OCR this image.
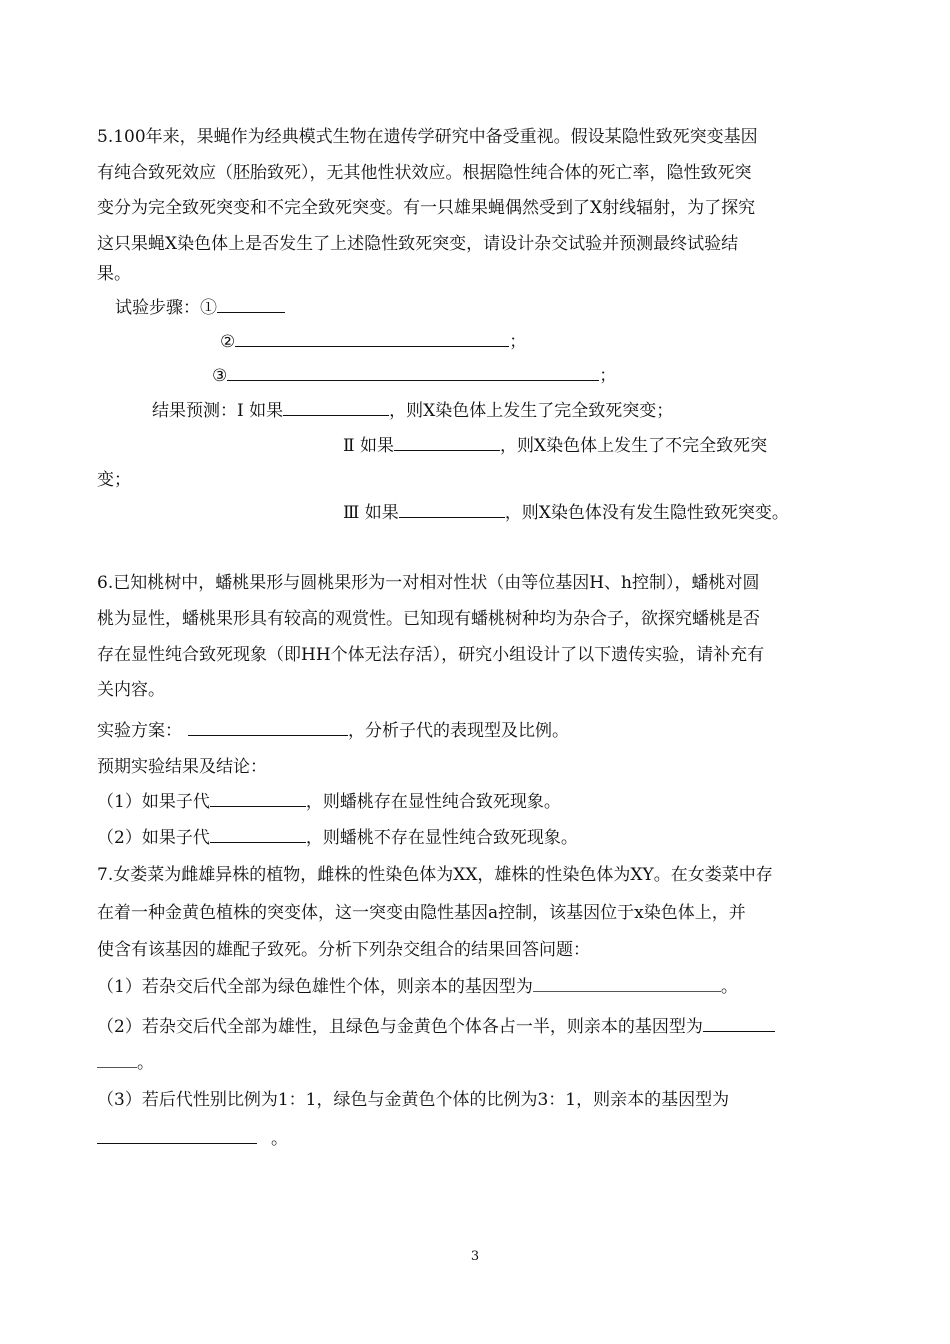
5.100年来，果蝇作为经典模式生物在遗传学研究中备受重视。假设某隐性致死突变基因
有纯合致死效应（胚胎致死），无其他性状效应。根据隐性纯合体的死亡率，隐性致死突
变分为完全致死突变和不完全致死突变。有一只雄果蝇偶然受到了X射线辐射，为了探究
这只果蝇X染色体上是否发生了上述隐性致死突变，请设计杂交试验并预测最终试验结
果。
试验步骤：①
②	；
③	；
结果预测：Ⅰ 如果	，则X染色体上发生了完全致死突变；
Ⅱ 如果	，则X染色体上发生了不完全致死突
变；
Ⅲ 如果	，则X染色体没有发生隐性致死突变。
6.已知桃树中，蟠桃果形与圆桃果形为一对相对性状（由等位基因H、h控制），蟠桃对圆
桃为显性，蟠桃果形具有较高的观赏性。已知现有蟠桃树种均为杂合子，欲探究蟠桃是否
存在显性纯合致死现象（即HH个体无法存活），研究小组设计了以下遗传实验，请补充有
关内容。
实验方案：	，分析子代的表现型及比例。
预期实验结果及结论：
（1）如果子代	，则蟠桃存在显性纯合致死现象。
（2）如果子代	，则蟠桃不存在显性纯合致死现象。
7.女娄菜为雌雄异株的植物，雌株的性染色体为XX，雄株的性染色体为XY。在女娄菜中存
在着一种金黄色植株的突变体，这一突变由隐性基因a控制，该基因位于x染色体上，并
使含有该基因的雄配子致死。分析下列杂交组合的结果回答问题：
（1）若杂交后代全部为绿色雄性个体，则亲本的基因型为	。
（2）若杂交后代全部为雄性，且绿色与金黄色个体各占一半，则亲本的基因型为
。
（3）若后代性别比例为1：1，绿色与金黄色个体的比例为3：1，则亲本的基因型为
。
3
